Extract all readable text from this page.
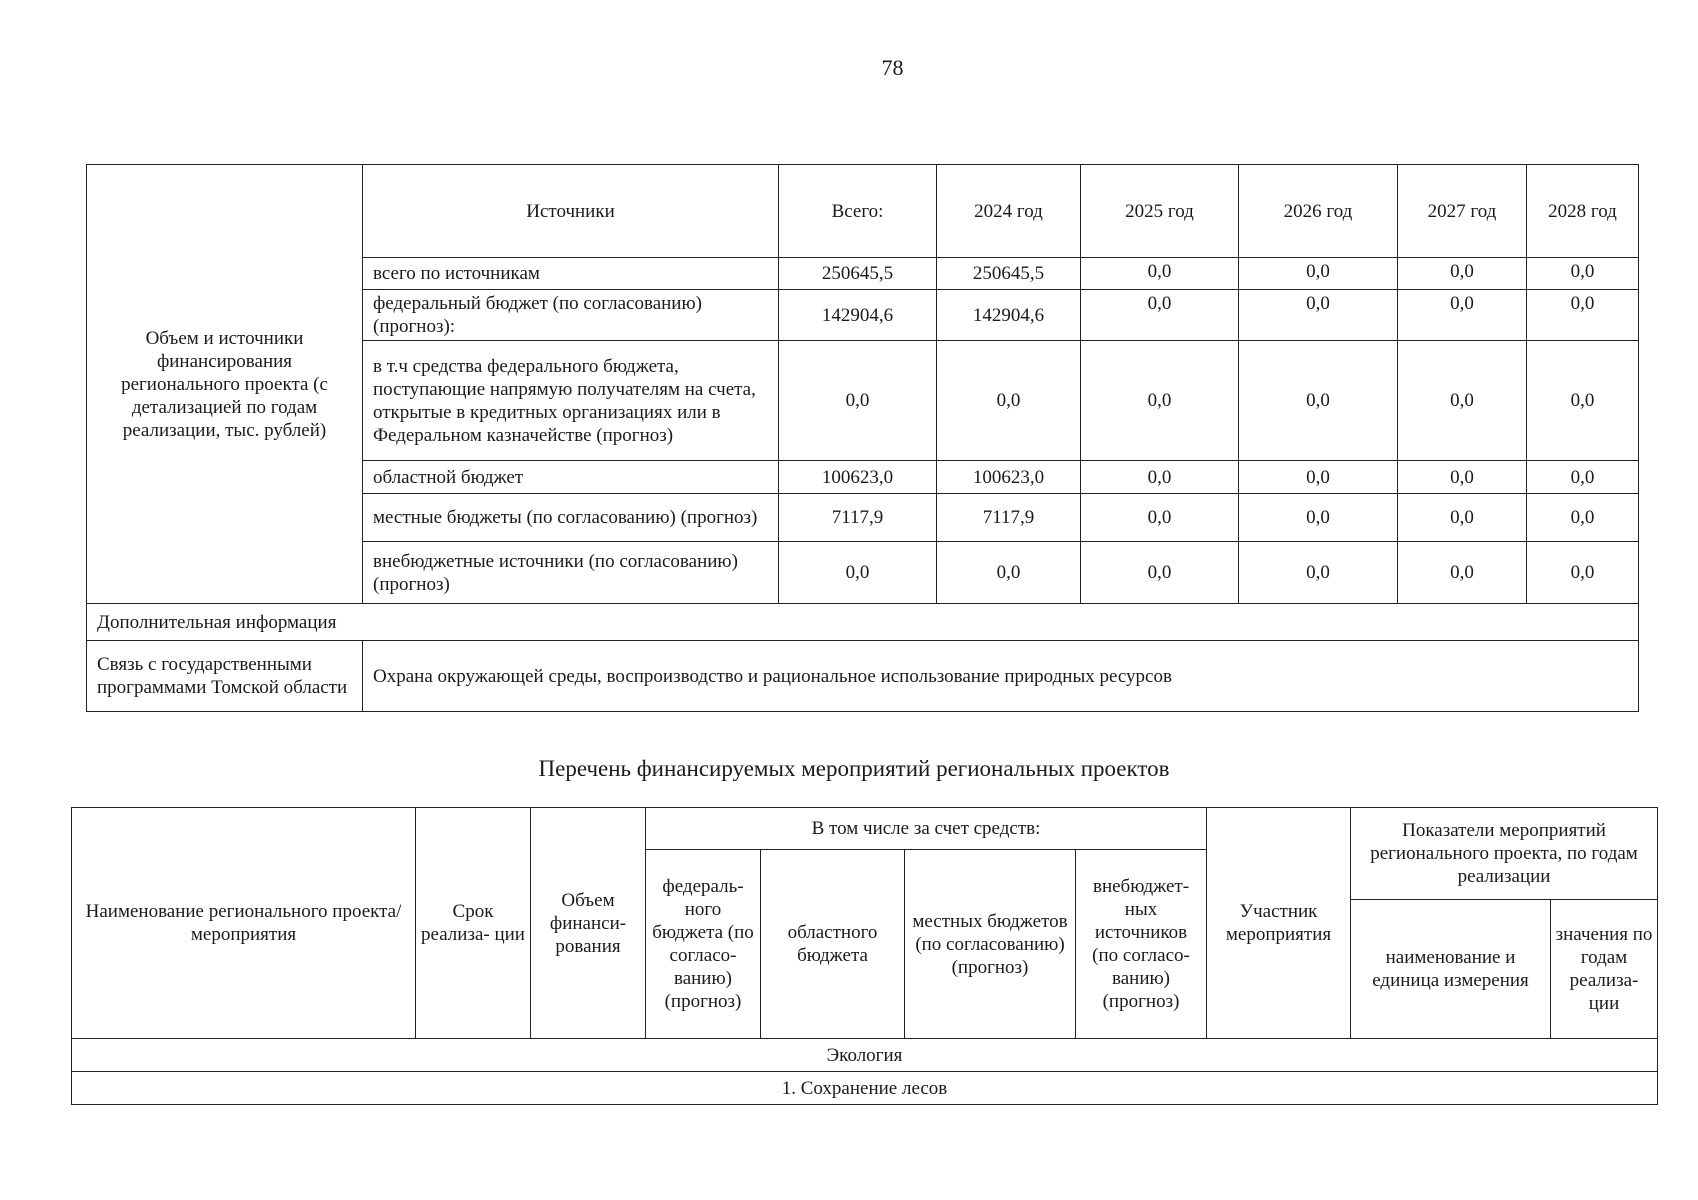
78
Объем и источники финансирования регионального проекта (с детализацией по годам реализации, тыс. рублей)	Источники	Всего:	2024 год	2025 год	2026 год	2027 год	2028 год
	всего по источникам	250645,5	250645,5	0,0	0,0	0,0	0,0
	федеральный бюджет (по согласованию) (прогноз):	142904,6	142904,6	0,0	0,0	0,0	0,0
	в т.ч средства федерального бюджета, поступающие напрямую получателям на счета, открытые в кредитных организациях или в Федеральном казначействе (прогноз)	0,0	0,0	0,0	0,0	0,0	0,0
	областной бюджет	100623,0	100623,0	0,0	0,0	0,0	0,0
	местные бюджеты (по согласованию) (прогноз)	7117,9	7117,9	0,0	0,0	0,0	0,0
	внебюджетные источники (по согласованию) (прогноз)	0,0	0,0	0,0	0,0	0,0	0,0
Дополнительная информация							
Связь с государственными программами Томской области	Охрана окружающей среды, воспроизводство и рациональное использование природных ресурсов						
Перечень финансируемых мероприятий региональных проектов
Наименование регионального проекта/ мероприятия	Срок реализа- ции	Объем финанси- рования	В том числе за счет средств:				Участник мероприятия	Показатели мероприятий регионального проекта, по годам реализации	
			федераль- ного бюджета (по согласо- ванию) (прогноз)	областного бюджета	местных бюджетов (по согласованию) (прогноз)	внебюджет- ных источников (по согласо- ванию) (прогноз)			
								наименование и единица измерения	значения по годам реализа- ции
Экология									
1. Сохранение лесов									
